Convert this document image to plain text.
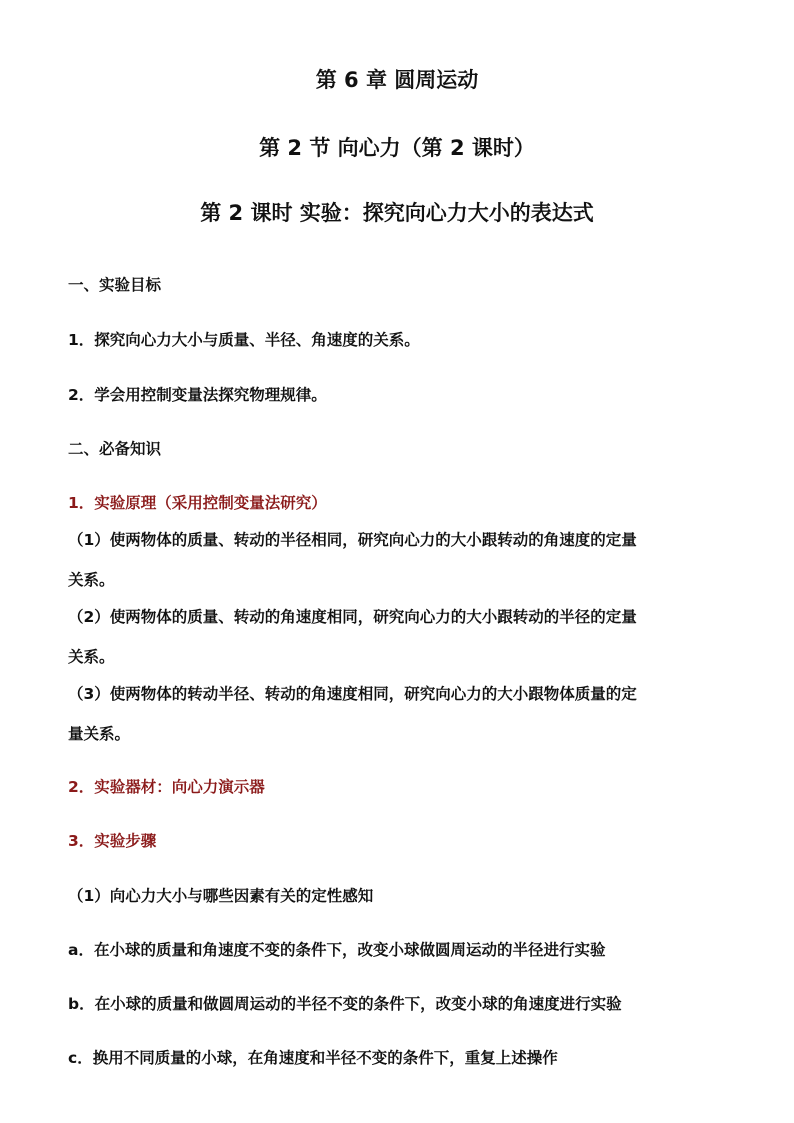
第 6 章 圆周运动
第 2 节 向心力（第 2 课时）
第 2 课时 实验：探究向心力大小的表达式
一、实验目标
1．探究向心力大小与质量、半径、角速度的关系。
2．学会用控制变量法探究物理规律。
二、必备知识
1．实验原理（采用控制变量法研究）
（1）使两物体的质量、转动的半径相同，研究向心力的大小跟转动的角速度的定量
关系。
（2）使两物体的质量、转动的角速度相同，研究向心力的大小跟转动的半径的定量
关系。
（3）使两物体的转动半径、转动的角速度相同，研究向心力的大小跟物体质量的定
量关系。
2．实验器材：向心力演示器
3．实验步骤
（1）向心力大小与哪些因素有关的定性感知
a．在小球的质量和角速度不变的条件下，改变小球做圆周运动的半径进行实验
b．在小球的质量和做圆周运动的半径不变的条件下，改变小球的角速度进行实验
c．换用不同质量的小球，在角速度和半径不变的条件下，重复上述操作
